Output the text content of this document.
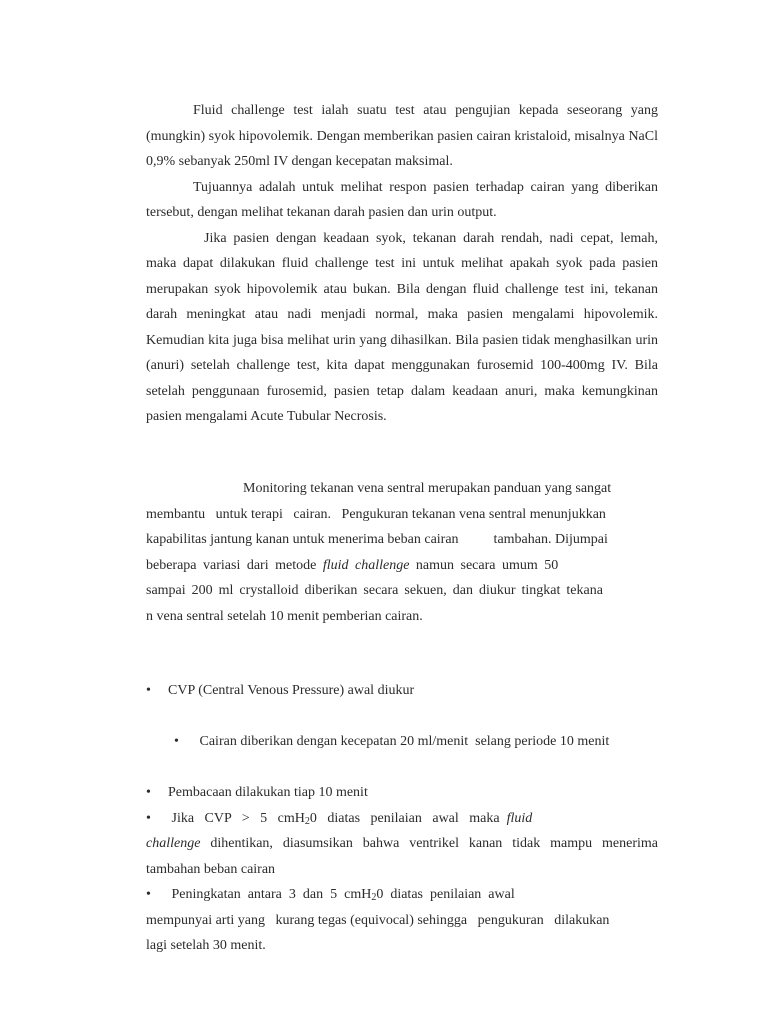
Fluid challenge test ialah suatu test atau pengujian kepada seseorang yang (mungkin) syok hipovolemik. Dengan memberikan pasien cairan kristaloid, misalnya NaCl 0,9% sebanyak 250ml IV dengan kecepatan maksimal.

Tujuannya adalah untuk melihat respon pasien terhadap cairan yang diberikan tersebut, dengan melihat tekanan darah pasien dan urin output.

Jika pasien dengan keadaan syok, tekanan darah rendah, nadi cepat, lemah, maka dapat dilakukan fluid challenge test ini untuk melihat apakah syok pada pasien merupakan syok hipovolemik atau bukan. Bila dengan fluid challenge test ini, tekanan darah meningkat atau nadi menjadi normal, maka pasien mengalami hipovolemik. Kemudian kita juga bisa melihat urin yang dihasilkan. Bila pasien tidak menghasilkan urin (anuri) setelah challenge test, kita dapat menggunakan furosemid 100-400mg IV. Bila setelah penggunaan furosemid, pasien tetap dalam keadaan anuri, maka kemungkinan pasien mengalami Acute Tubular Necrosis.

Monitoring tekanan vena sentral merupakan panduan yang sangat
membantu   untuk terapi   cairan.   Pengukuran tekanan vena sentral menunjukkan
kapabilitas jantung kanan untuk menerima beban cairan          tambahan. Dijumpai
beberapa variasi dari metode fluid challenge namun secara umum 50
sampai 200 ml crystalloid diberikan secara sekuen, dan diukur tingkat tekana
n vena sentral setelah 10 menit pemberian cairan.
• CVP (Central Venous Pressure) awal diukur

• Cairan diberikan dengan kecepatan 20 ml/menit  selang periode 10 menit

• Pembacaan dilakukan tiap 10 menit
• Jika   CVP   >   5   cmH$_2$0   diatas   penilaian   awal   maka  fluid

challenge dihentikan, diasumsikan bahwa ventrikel kanan tidak mampu menerima tambahan beban cairan

• Peningkatan  antara  3  dan  5  cmH$_2$0  diatas  penilaian  awal
mempunyai arti yang   kurang tegas (equivocal) sehingga   pengukuran   dilakukan
lagi setelah 30 menit.
